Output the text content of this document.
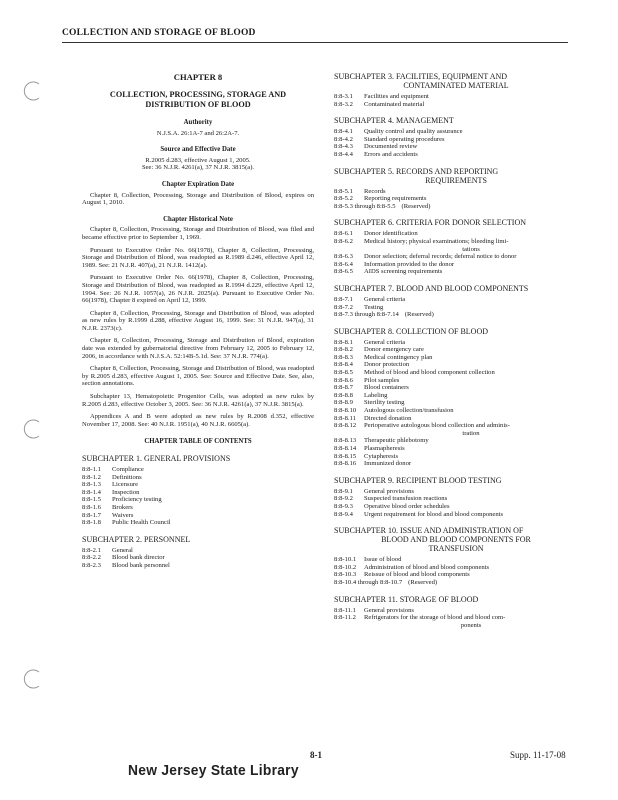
COLLECTION AND STORAGE OF BLOOD
CHAPTER 8
COLLECTION, PROCESSING, STORAGE AND
DISTRIBUTION OF BLOOD
Authority
N.J.S.A. 26:1A-7 and 26:2A-7.
Source and Effective Date
R.2005 d.283, effective August 1, 2005.
See: 36 N.J.R. 4261(a), 37 N.J.R. 3815(a).
Chapter Expiration Date

Chapter 8, Collection, Processing, Storage and Distribution of Blood, expires on August 1, 2010.

Chapter Historical Note

Chapter 8, Collection, Processing, Storage and Distribution of Blood, was filed and became effective prior to September 1, 1969.

Pursuant to Executive Order No. 66(1978), Chapter 8, Collection, Processing, Storage and Distribution of Blood, was readopted as R.1989 d.246, effective April 12, 1989. See: 21 N.J.R. 407(a), 21 N.J.R. 1412(a).

Pursuant to Executive Order No. 66(1978), Chapter 8, Collection, Processing, Storage and Distribution of Blood, was readopted as R.1994 d.229, effective April 12, 1994. See: 26 N.J.R. 1057(a), 26 N.J.R. 2025(a). Pursuant to Executive Order No. 66(1978), Chapter 8 expired on April 12, 1999.

Chapter 8, Collection, Processing, Storage and Distribution of Blood, was adopted as new rules by R.1999 d.288, effective August 16, 1999. See: 31 N.J.R. 947(a), 31 N.J.R. 2373(c).

Chapter 8, Collection, Processing, Storage and Distribution of Blood, expiration date was extended by gubernatorial directive from February 12, 2005 to February 12, 2006, in accordance with N.J.S.A. 52:14B-5.1d. See: 37 N.J.R. 774(a).

Chapter 8, Collection, Processing, Storage and Distribution of Blood, was readopted by R.2005 d.283, effective August 1, 2005. See: Source and Effective Date. See, also, section annotations.

Subchapter 13, Hematopoietic Progenitor Cells, was adopted as new rules by R.2005 d.283, effective October 3, 2005. See: 36 N.J.R. 4261(a), 37 N.J.R. 3815(a).

Appendices A and B were adopted as new rules by R.2008 d.352, effective November 17, 2008. See: 40 N.J.R. 1951(a), 40 N.J.R. 6605(a).

CHAPTER TABLE OF CONTENTS
SUBCHAPTER 1. GENERAL PROVISIONS
8:8-1.1	Compliance
8:8-1.2	Definitions
8:8-1.3	Licensure
8:8-1.4	Inspection
8:8-1.5	Proficiency testing
8:8-1.6	Brokers
8:8-1.7	Waivers
8:8-1.8	Public Health Council
SUBCHAPTER 2. PERSONNEL
8:8-2.1	General
8:8-2.2	Blood bank director
8:8-2.3	Blood bank personnel
SUBCHAPTER 3. FACILITIES, EQUIPMENT AND
CONTAMINATED MATERIAL
8:8-3.1	Facilities and equipment
8:8-3.2	Contaminated material
SUBCHAPTER 4. MANAGEMENT
8:8-4.1	Quality control and quality assurance
8:8-4.2	Standard operating procedures
8:8-4.3	Documented review
8:8-4.4	Errors and accidents
SUBCHAPTER 5. RECORDS AND REPORTING
REQUIREMENTS
8:8-5.1	Records
8:8-5.2	Reporting requirements
8:8-5.3 through 8:8-5.5 (Reserved)
SUBCHAPTER 6. CRITERIA FOR DONOR SELECTION
8:8-6.1	Donor identification
8:8-6.2	Medical history; physical examinations; bleeding limi-
tations
8:8-6.3	Donor selection; deferral records; deferral notice to donor
8:8-6.4	Information provided to the donor
8:8-6.5	AIDS screening requirements
SUBCHAPTER 7. BLOOD AND BLOOD COMPONENTS
8:8-7.1	General criteria
8:8-7.2	Testing
8:8-7.3 through 8:8-7.14 (Reserved)
SUBCHAPTER 8. COLLECTION OF BLOOD
8:8-8.1	General criteria
8:8-8.2	Donor emergency care
8:8-8.3	Medical contingency plan
8:8-8.4	Donor protection
8:8-8.5	Method of blood and blood component collection
8:8-8.6	Pilot samples
8:8-8.7	Blood containers
8:8-8.8	Labeling
8:8-8.9	Sterility testing
8:8-8.10	Autologous collection/transfusion
8:8-8.11	Directed donation
8:8-8.12	Perioperative autologous blood collection and adminis-
tration
8:8-8.13	Therapeutic phlebotomy
8:8-8.14	Plasmapheresis
8:8-8.15	Cytapheresis
8:8-8.16	Immunized donor
SUBCHAPTER 9. RECIPIENT BLOOD TESTING
8:8-9.1	General provisions
8:8-9.2	Suspected transfusion reactions
8:8-9.3	Operative blood order schedules
8:8-9.4	Urgent requirement for blood and blood components
SUBCHAPTER 10. ISSUE AND ADMINISTRATION OF
BLOOD AND BLOOD COMPONENTS FOR
TRANSFUSION
8:8-10.1	Issue of blood
8:8-10.2	Administration of blood and blood components
8:8-10.3	Reissue of blood and blood components
8:8-10.4 through 8:8-10.7 (Reserved)
SUBCHAPTER 11. STORAGE OF BLOOD
8:8-11.1	General provisions
8:8-11.2	Refrigerators for the storage of blood and blood com-
ponents
8-1	Supp. 11-17-08
New Jersey State Library
